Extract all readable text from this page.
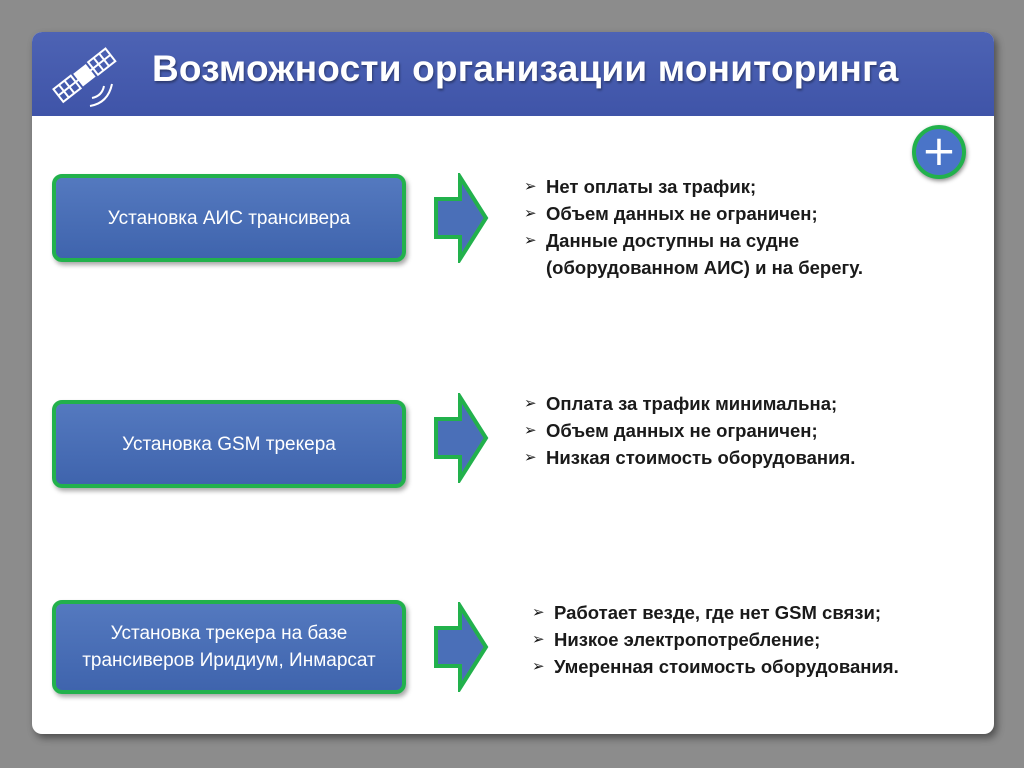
Возможности организации мониторинга
+
Установка АИС трансивера
➢ Нет оплаты за трафик;
➢ Объем данных не ограничен;
➢ Данные доступны на судне (оборудованном АИС) и на берегу.
Установка GSM трекера
➢ Оплата за трафик минимальна;
➢ Объем данных не ограничен;
➢ Низкая стоимость оборудования.
Установка трекера на базе трансиверов Иридиум, Инмарсат
➢ Работает везде, где нет GSM связи;
➢ Низкое электропотребление;
➢ Умеренная стоимость оборудования.
